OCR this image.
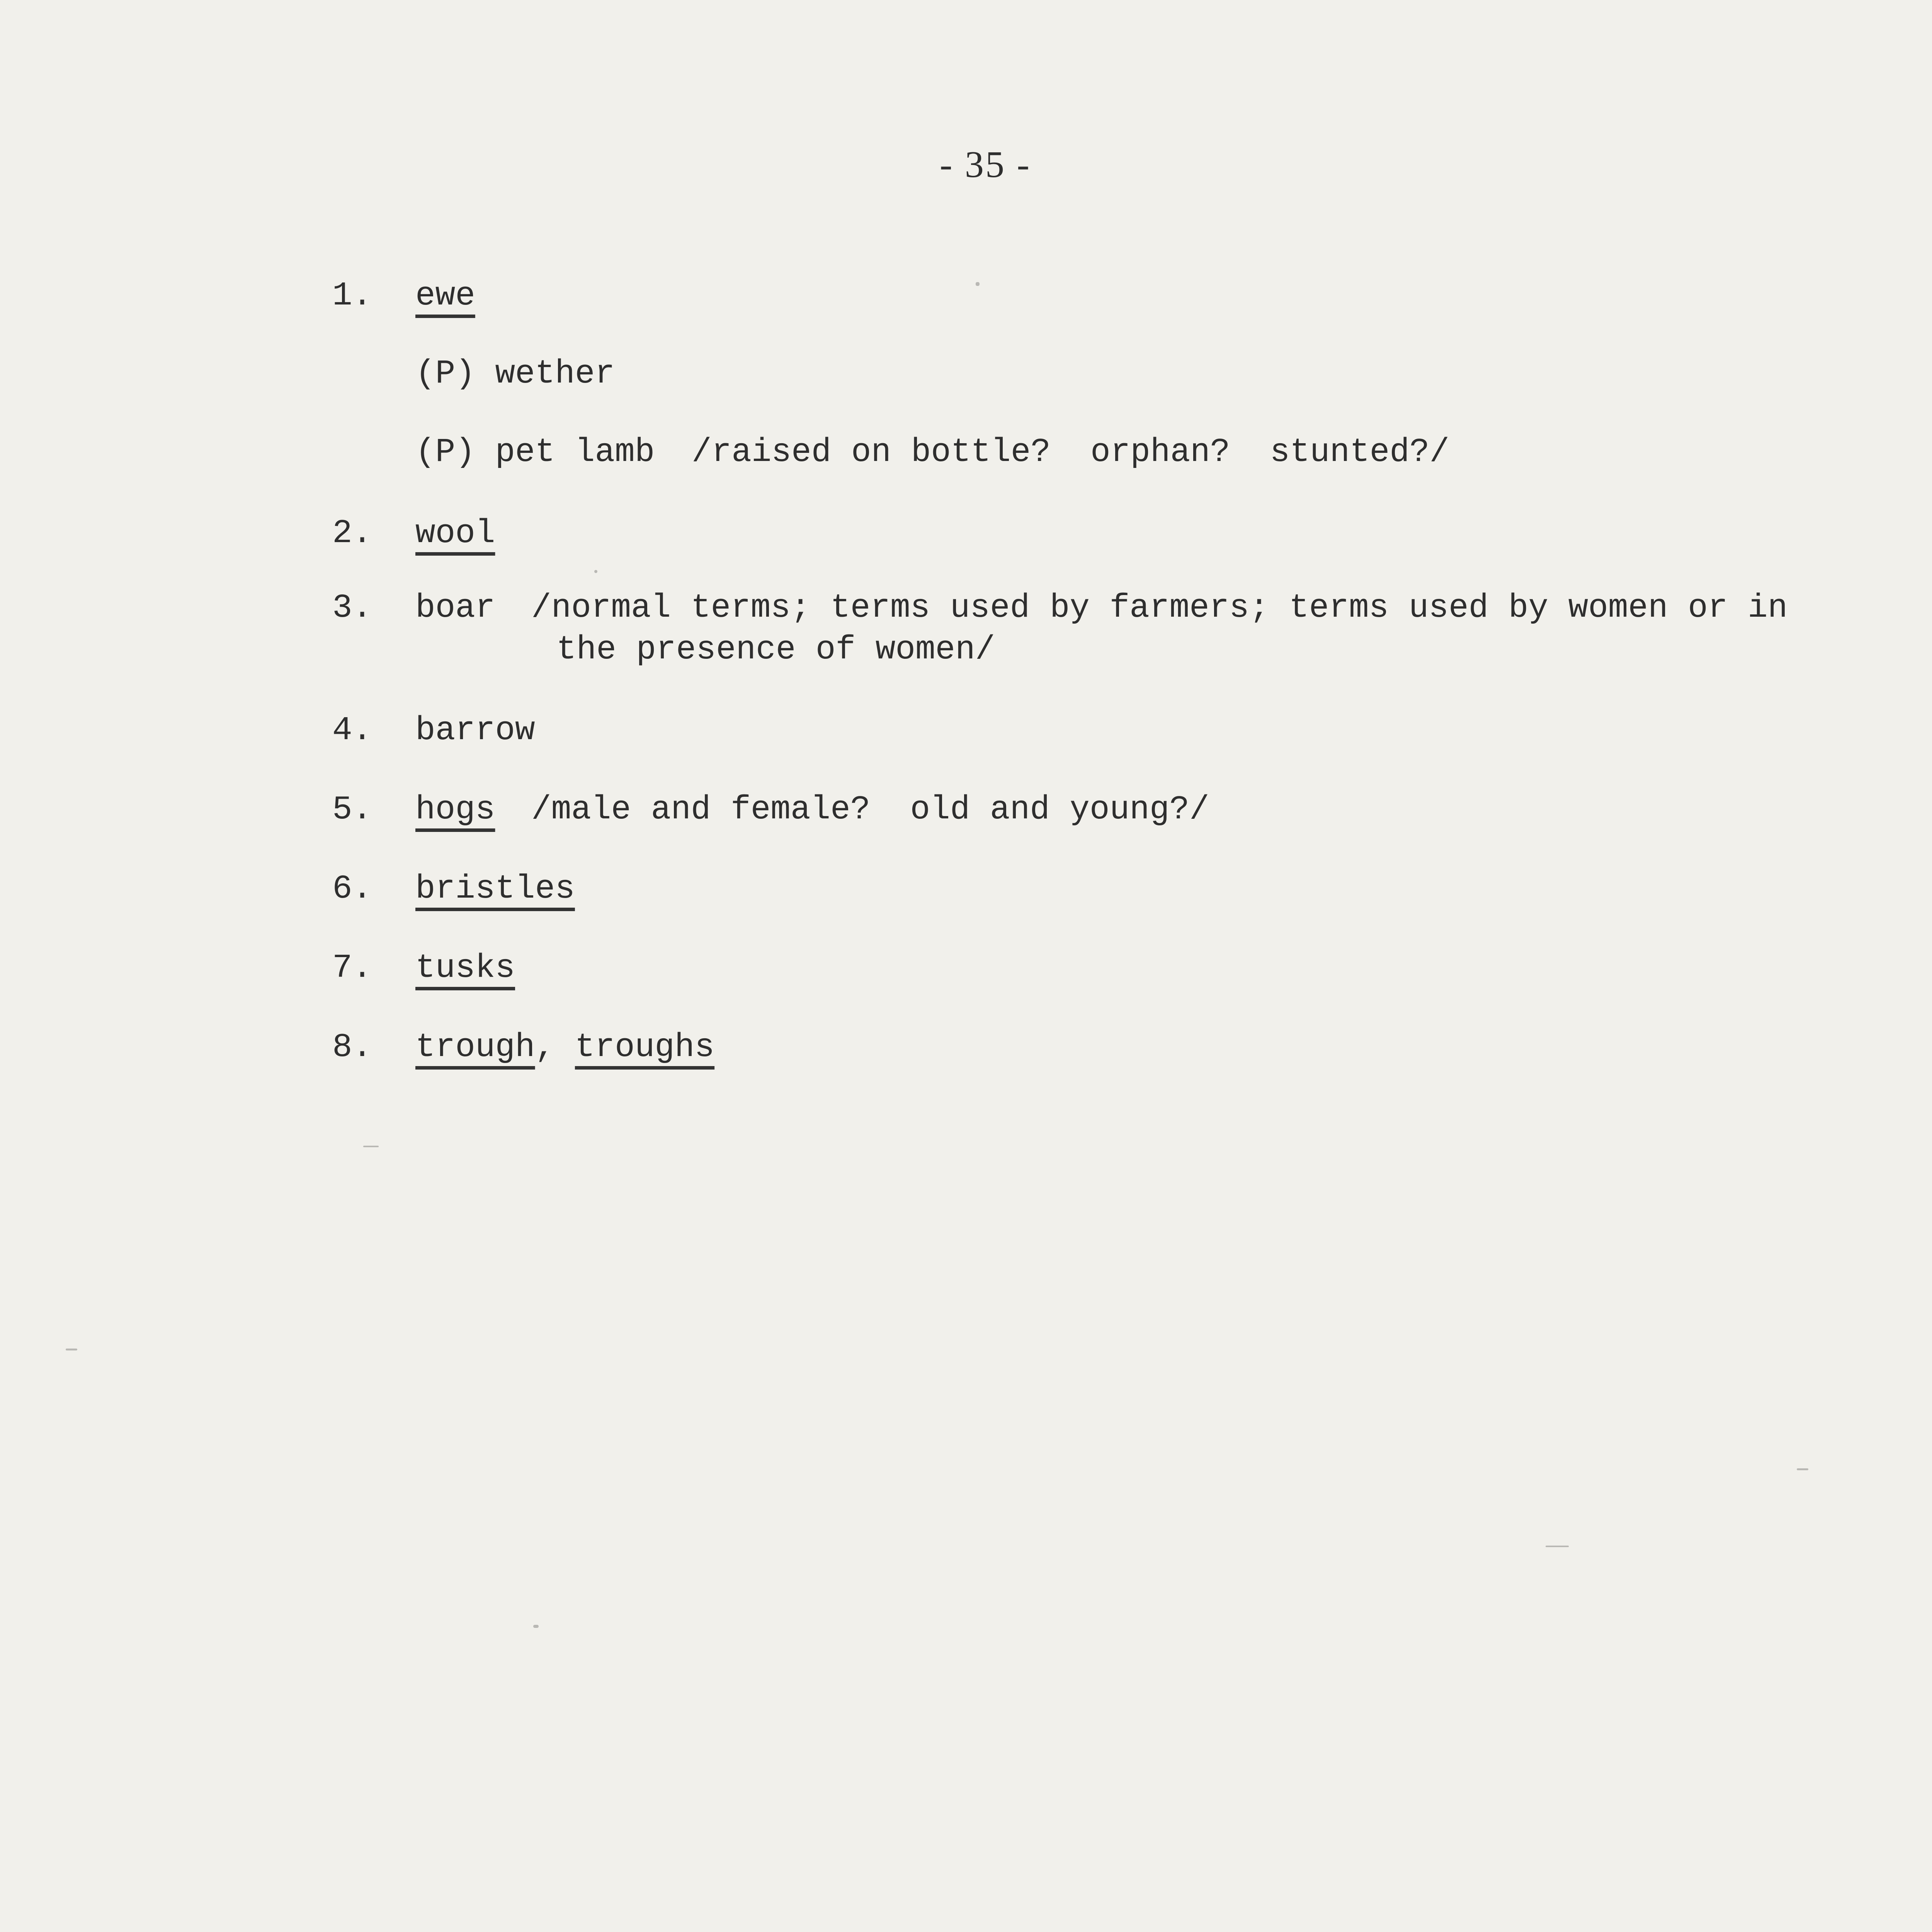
- 35 -

1.

ewe

(P) wether

(P) pet lamb

/raised on bottle?  orphan?  stunted?/

2.

wool

3.

boar

/normal terms; terms used by farmers; terms used by women or in

the presence of women/

4.

barrow

5.

hogs

/male and female?  old and young?/

6.

bristles

7.

tusks

8.

trough, troughs
